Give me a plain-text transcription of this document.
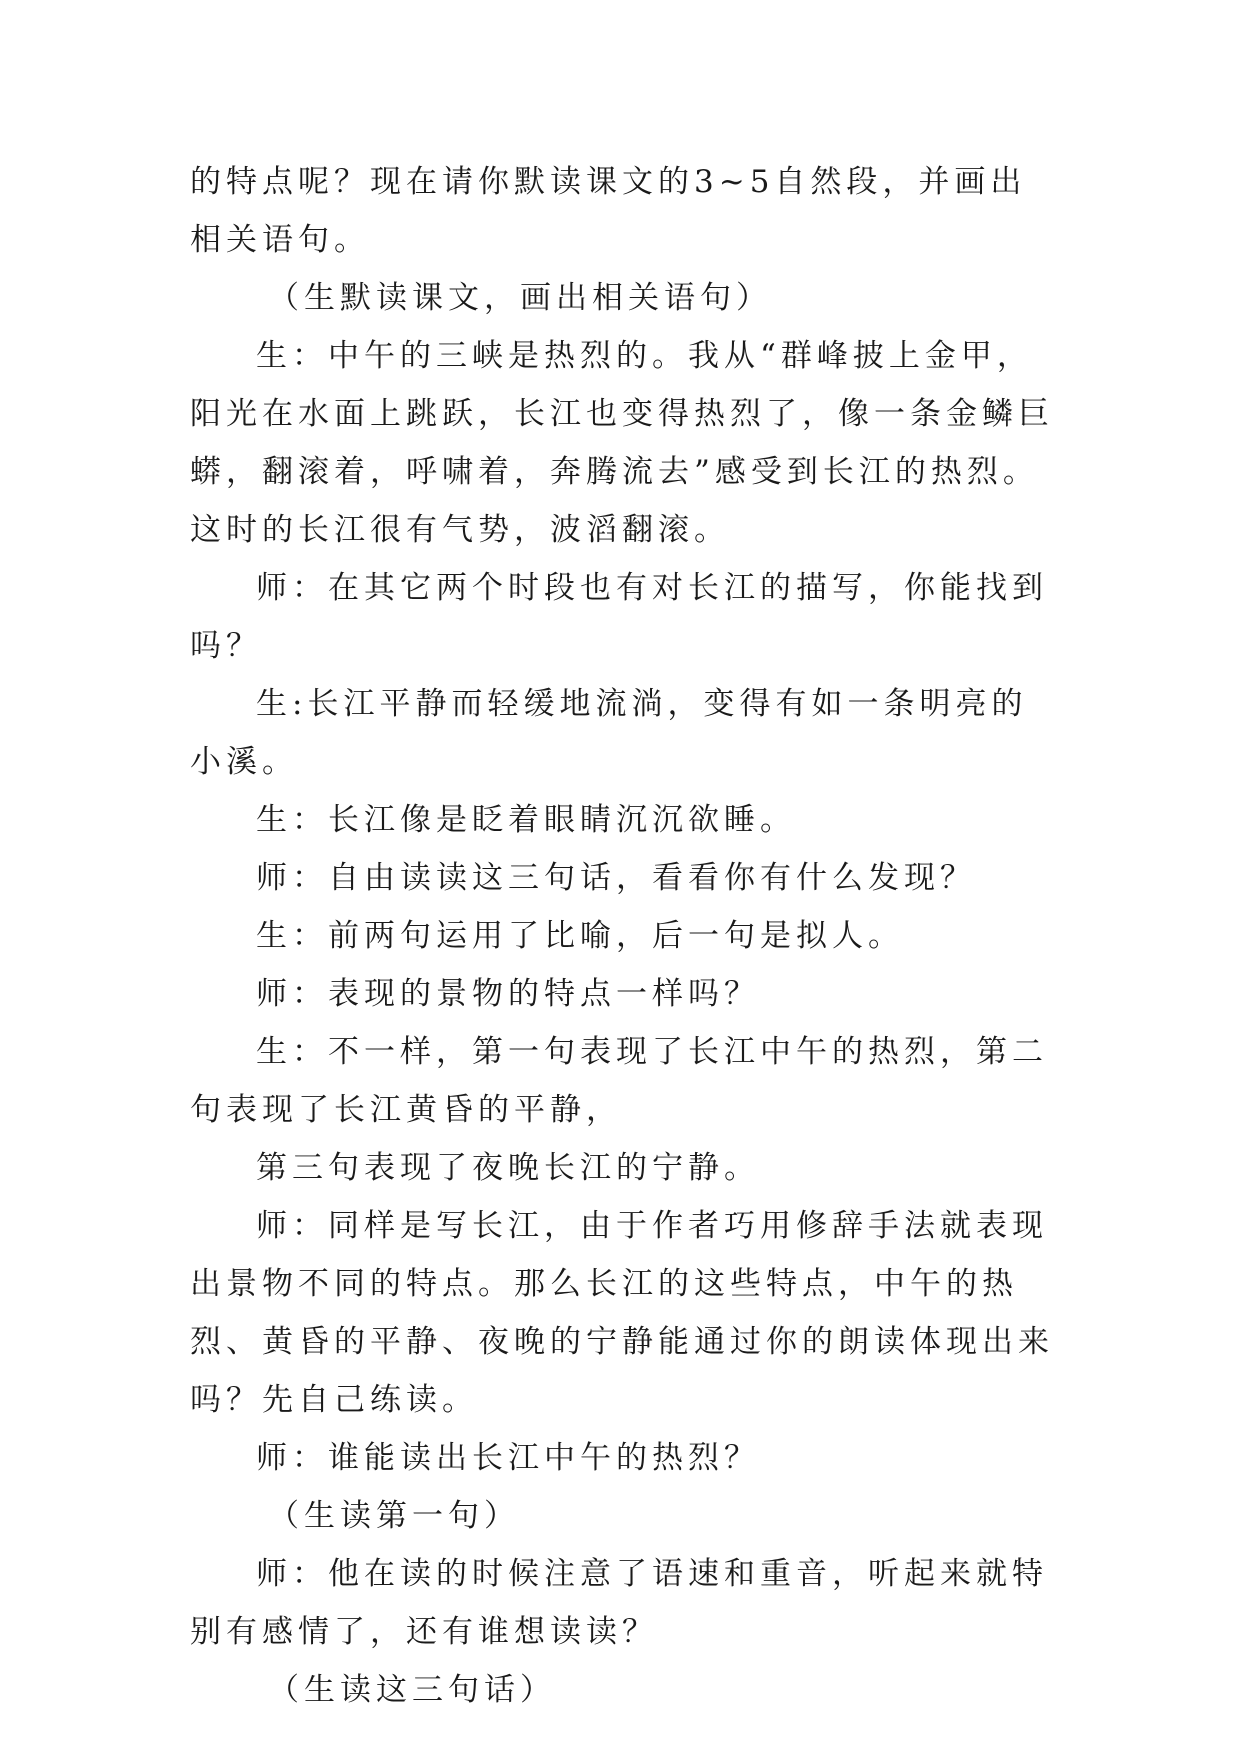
的特点呢？现在请你默读课文的3~5自然段，并画出相关语句。

（生默读课文，画出相关语句）

生：中午的三峡是热烈的。我从“群峰披上金甲，阳光在水面上跳跃，长江也变得热烈了，像一条金鳞巨蟒，翻滚着，呼啸着，奔腾流去”感受到长江的热烈。这时的长江很有气势，波滔翻滚。

师：在其它两个时段也有对长江的描写，你能找到吗？

生:长江平静而轻缓地流淌，变得有如一条明亮的小溪。

生：长江像是眨着眼睛沉沉欲睡。

师：自由读读这三句话，看看你有什么发现？

生：前两句运用了比喻，后一句是拟人。

师：表现的景物的特点一样吗？

生：不一样，第一句表现了长江中午的热烈，第二句表现了长江黄昏的平静，

第三句表现了夜晚长江的宁静。

师：同样是写长江，由于作者巧用修辞手法就表现出景物不同的特点。那么长江的这些特点，中午的热烈、黄昏的平静、夜晚的宁静能通过你的朗读体现出来吗？先自己练读。

师：谁能读出长江中午的热烈？

（生读第一句）

师：他在读的时候注意了语速和重音，听起来就特别有感情了，还有谁想读读？

（生读这三句话）
